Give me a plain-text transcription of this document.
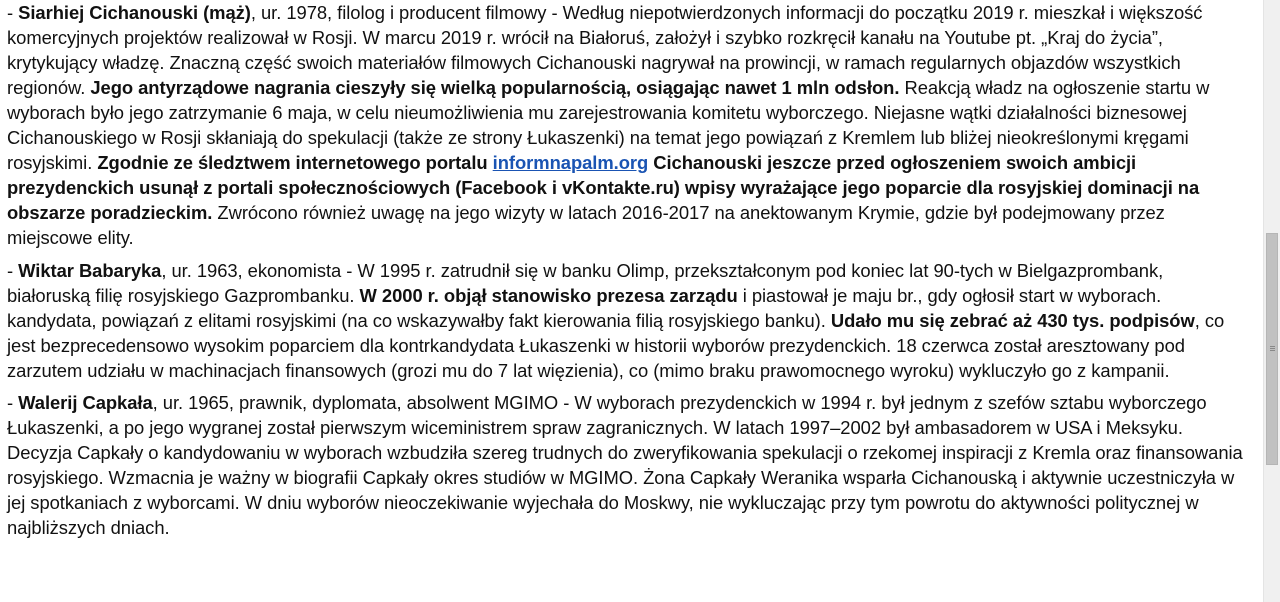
- Siarhiej Cichanouski (mąż), ur. 1978, filolog i producent filmowy - Według niepotwierdzonych informacji do początku 2019 r. mieszkał i większość komercyjnych projektów realizował w Rosji. W marcu 2019 r. wrócił na Białoruś, założył i szybko rozkręcił kanału na Youtube pt. „Kraj do życia”, krytykujący władzę. Znaczną część swoich materiałów filmowych Cichanouski nagrywał na prowincji, w ramach regularnych objazdów wszystkich regionów. Jego antyrządowe nagrania cieszyły się wielką popularnością, osiągając nawet 1 mln odsłon. Reakcją władz na ogłoszenie startu w wyborach było jego zatrzymanie 6 maja, w celu nieumożliwienia mu zarejestrowania komitetu wyborczego. Niejasne wątki działalności biznesowej Cichanouskiego w Rosji skłaniają do spekulacji (także ze strony Łukaszenki) na temat jego powiązań z Kremlem lub bliżej nieokreślonymi kręgami rosyjskimi. Zgodnie ze śledztwem internetowego portalu informnapalm.org Cichanouski jeszcze przed ogłoszeniem swoich ambicji prezydenckich usunął z portali społecznościowych (Facebook i vKontakte.ru) wpisy wyrażające jego poparcie dla rosyjskiej dominacji na obszarze poradzieckim. Zwrócono również uwagę na jego wizyty w latach 2016-2017 na anektowanym Krymie, gdzie był podejmowany przez miejscowe elity.

- Wiktar Babaryka, ur. 1963, ekonomista - W 1995 r. zatrudnił się w banku Olimp, przekształconym pod koniec lat 90-tych w Bielgazprombank, białoruską filię rosyjskiego Gazprombanku. W 2000 r. objął stanowisko prezesa zarządu i piastował je maju br., gdy ogłosił start w wyborach. kandydata, powiązań z elitami rosyjskimi (na co wskazywałby fakt kierowania filią rosyjskiego banku). Udało mu się zebrać aż 430 tys. podpisów, co jest bezprecedensowo wysokim poparciem dla kontrkandydata Łukaszenki w historii wyborów prezydenckich. 18 czerwca został aresztowany pod zarzutem udziału w machinacjach finansowych (grozi mu do 7 lat więzienia), co (mimo braku prawomocnego wyroku) wykluczyło go z kampanii.

- Walerij Capkała, ur. 1965, prawnik, dyplomata, absolwent MGIMO - W wyborach prezydenckich w 1994 r. był jednym z szefów sztabu wyborczego Łukaszenki, a po jego wygranej został pierwszym wiceministrem spraw zagranicznych. W latach 1997–2002 był ambasadorem w USA i Meksyku. Decyzja Capkały o kandydowaniu w wyborach wzbudziła szereg trudnych do zweryfikowania spekulacji o rzekomej inspiracji z Kremla oraz finansowania rosyjskiego. Wzmacnia je ważny w biografii Capkały okres studiów w MGIMO. Żona Capkały Weranika wsparła Cichanouską i aktywnie uczestniczyła w jej spotkaniach z wyborcami. W dniu wyborów nieoczekiwanie wyjechała do Moskwy, nie wykluczając przy tym powrotu do aktywności politycznej w najbliższych dniach.
